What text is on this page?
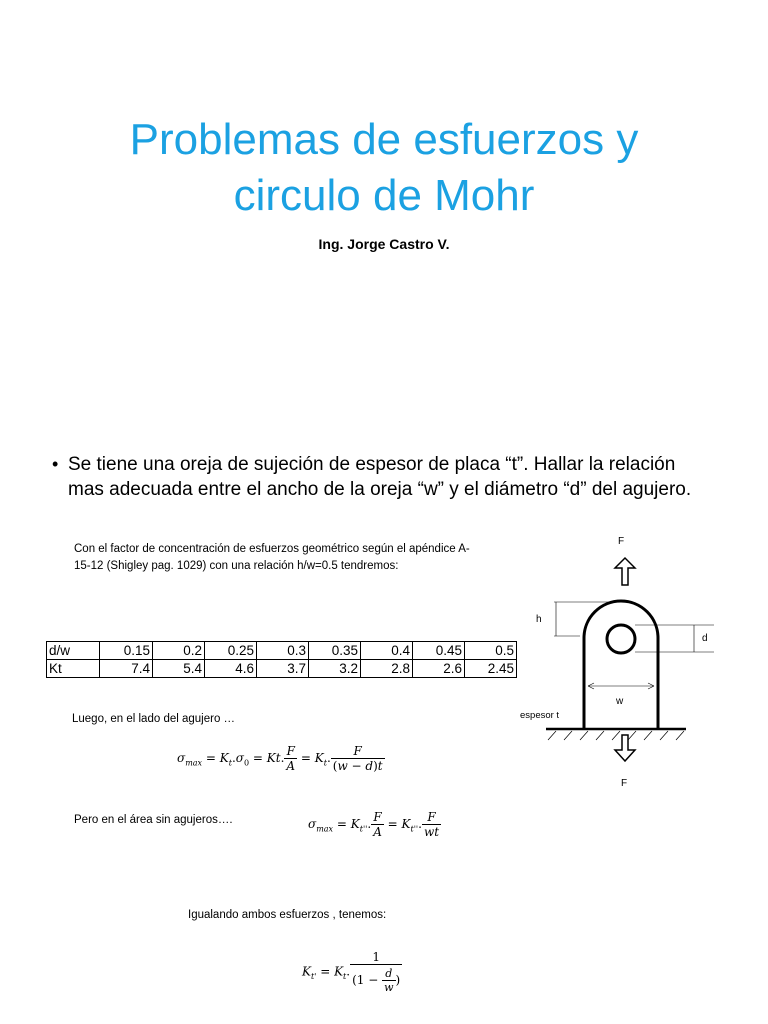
Problemas de esfuerzos y
circulo de Mohr
Ing. Jorge Castro V.
• Se tiene una oreja de sujeción de espesor de placa “t”. Hallar la relación mas adecuada entre el ancho de la oreja “w” y el diámetro “d” del agujero.
Con el factor de concentración de esfuerzos geométrico según el apéndice A-15-12 (Shigley pag. 1029) con una relación h/w=0.5 tendremos:
d/w	0.15	0.2	0.25	0.3	0.35	0.4	0.45	0.5
Kt	7.4	5.4	4.6	3.7	3.2	2.8	2.6	2.45
Luego, en el lado del agujero …
Pero en el área sin agujeros….
Igualando ambos esfuerzos , tenemos:
$\sigma_{max} = K_t.\sigma_0 = Kt$. $\frac{F}{A} = K_t$. $\frac{F}{(w - d)t}$
$\sigma_{max} = K_{t''}$. $\frac{F}{A} = K_{t''}$. $\frac{F}{wt}$
$K_{t'} = K_t$. $\frac{1}{(1 - \frac{d}{w} )}$
F
h
d
w
espesor t
F
